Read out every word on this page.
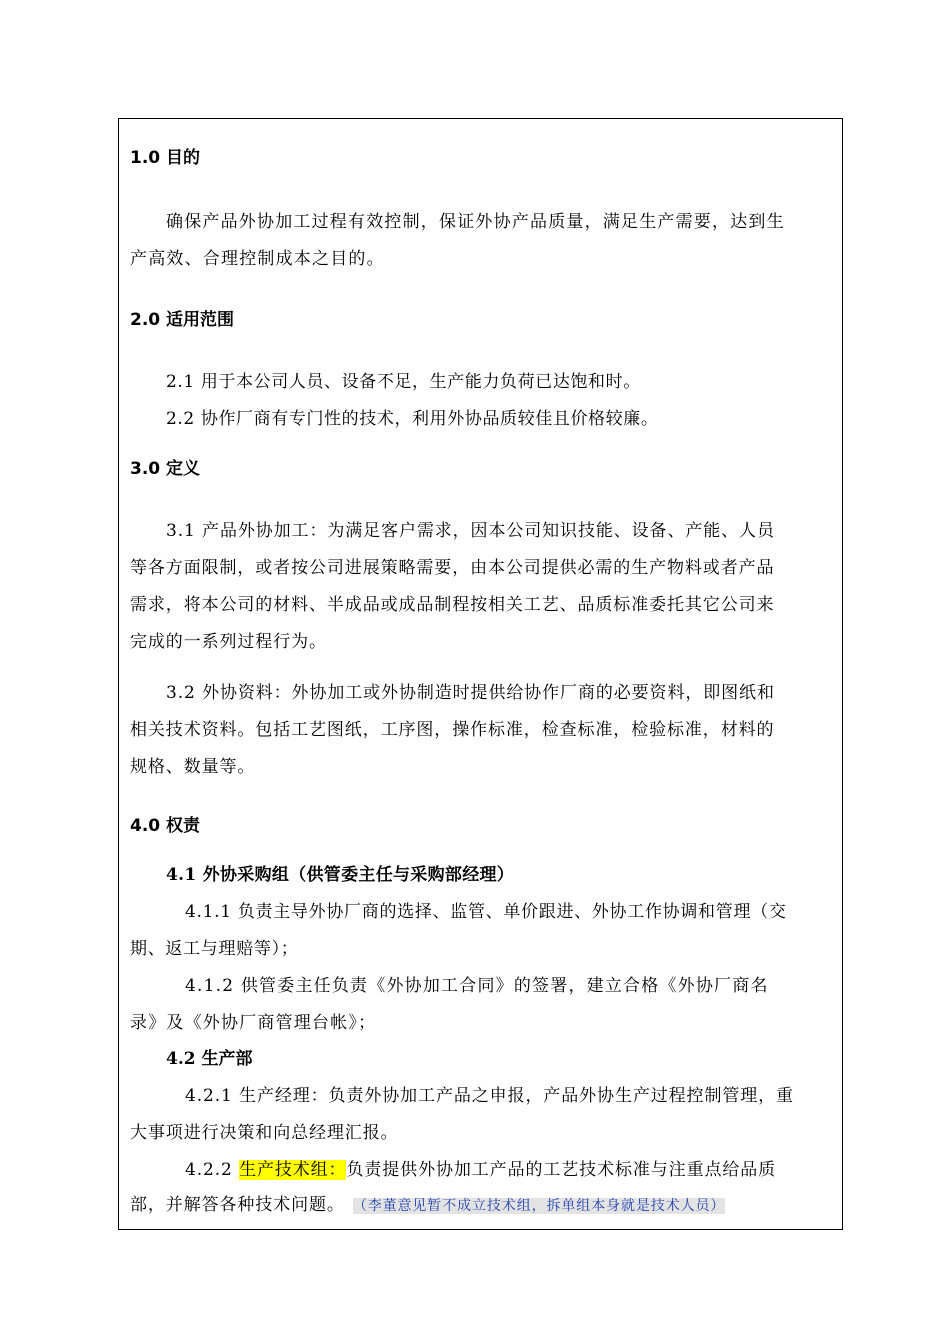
1.0 目的
确保产品外协加工过程有效控制，保证外协产品质量，满足生产需要，达到生
产高效、合理控制成本之目的。
2.0 适用范围
2.1 用于本公司人员、设备不足，生产能力负荷已达饱和时。
2.2 协作厂商有专门性的技术，利用外协品质较佳且价格较廉。
3.0 定义
3.1 产品外协加工：为满足客户需求，因本公司知识技能、设备、产能、人员
等各方面限制，或者按公司进展策略需要，由本公司提供必需的生产物料或者产品
需求，将本公司的材料、半成品或成品制程按相关工艺、品质标准委托其它公司来
完成的一系列过程行为。
3.2 外协资料：外协加工或外协制造时提供给协作厂商的必要资料，即图纸和
相关技术资料。包括工艺图纸，工序图，操作标准，检查标准，检验标准，材料的
规格、数量等。
4.0 权责
4.1 外协采购组（供管委主任与采购部经理）
4.1.1 负责主导外协厂商的选择、监管、单价跟进、外协工作协调和管理（交
期、返工与理赔等）；
4.1.2 供管委主任负责《外协加工合同》的签署，建立合格《外协厂商名
录》及《外协厂商管理台帐》；
4.2 生产部
4.2.1 生产经理：负责外协加工产品之申报，产品外协生产过程控制管理，重
大事项进行决策和向总经理汇报。
4.2.2 生产技术组：负责提供外协加工产品的工艺技术标准与注重点给品质
部，并解答各种技术问题。 （李董意见暂不成立技术组，拆单组本身就是技术人员）
